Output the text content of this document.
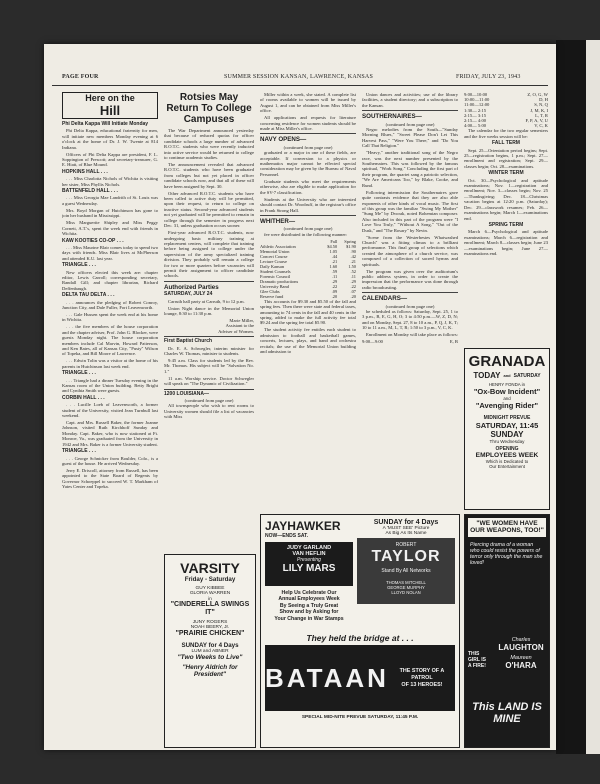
PAGE FOUR	SUMMER SESSION KANSAN, LAWRENCE, KANSAS	FRIDAY, JULY 23, 1943
Here on the
Hill
Phi Delta Kappa Will Initiate Monday

Phi Delta Kappa, educational fraternity for men, will initiate new members Monday evening at 6 o'clock at the home of Dr. J. W. Twente at 814 Indiana.

Officers of Phi Delta Kappa are president, F. L. Soppington of Prescott; and secretary-treasurer, G. E. Hiatt, of Blue Mound.

HOPKINS HALL . . .

. . . Miss Charlotta Nichols of Wichita is visiting her sister, Miss Phyllis Nichols.

BATTENFELD HALL . . .

. . . Miss Georgia Mae Landrith of St. Louis was a guest Wednesday.

Mrs. Boyd Morgan of Hutchinson has gone to join her husband in Mississippi.

Miss Marguerite Shipley and Miss Peggy Cornett, A.T.'s, spent the week end with friends in Wichita.

KAW KOOTIES CO-OP . . .

. . . Miss Maurine Blair comes today to spend two days with friends. Miss Blair lives at McPherson and attended K.U. last year.

TRIANGLE . . .

New officers elected this week are: chapter editor, Lewis Carroll; corresponding secretary, Randall Gill; and chapter librarian, Richard Deffenbaugh.

DELTA TAU DELTA . . .

. . . announces the pledging of Robert Conroy, Junction City, and Dale Fuller, Fort Leavenworth.

. . . Gale Hussen spent the week end at his home in Wichita.

. . . the five members of the house corporation and the chapter adviser, Prof. John G. Blocker, were guests Monday night. The house corporation members include Cal Marvin, Howard Patterson, and Ken Bates, all of Kansas City, "Pusty" Wilson of Topeka, and Bill Moore of Lawrence.

. . . Edwin Tolin was a visitor at the home of his parents in Hutchinson last week end.

TRIANGLE . . .

. . . Triangle had a dinner Tuesday evening in the Kansas room of the Union building. Betty Bright and Cynthia Smith were guests.

CORBIN HALL . . .

. . . Lucille Loeb of Leavenworth, a former student of the University, visited Jean Turnbull last weekend.

Capt. and Mrs. Russell Baker, the former Joanne Johnson, visited Ruth Kirchhoff Sunday and Monday. Capt. Baker, who is now stationed at Ft. Monroe, Va., was graduated from the University in 1942 and Mrs. Baker is a former University student.

TRIANGLE . . .

. . . George Schnicker from Boulder, Colo., is a guest of the house. He arrived Wednesday.

Jerry E. Driscoll, attorney from Russell, has been appointed to the State Board of Regents by Governor Schoeppel to succeed W. T. Markham of Yates Center and Topeka.

Rotsies May Return To College Campuses

The War Department announced yesterday that because of reduced quotas for officer candidate schools a large number of advanced R.O.T.C. students who were recently inducted into active service would be returned to college to continue academic studies.

The announcement revealed that advanced R.O.T.C. students who have been graduated from colleges but not yet placed in officer candidate schools now, and that all of these will have been assigned by Sept. 30.

Other advanced R.O.T.C. students who have been called to active duty will be permitted, upon their request, to return to college on inactive status. Second-year advanced students not yet graduated will be permitted to remain in college through the semester in progress next Dec. 31, unless graduation occurs sooner.

First-year advanced R.O.T.C. students, now undergoing basic military training at replacement centers, will complete that training before being assigned to college under the supervision of the army specialized training division. They probably will remain a college for two or more quarters before vacancies will permit their assignment to officer candidate schools.

Authorized Parties
SATURDAY, JULY 24

Carruth hall party at Carruth, 9 to 12 p.m.

Union Night dance in the Memorial Union lounge, 8:30 to 11:30 p.m.

Marie Miller,
Assistant to the
Adviser of Women.
First Baptist Church

Dr. E. A. Schwegler, interim minister for Charles W. Thomas, minister to students.

9:45 a.m. Class for students led by the Rev. Mr. Thomas. His subject will be "Salvation No. 1."

11 a.m. Worship service. Doctor Schwegler will speak on "The Dynamic of Civilization."

1200 LOUISIANA—
(continued from page one)

All townspeople who wish to rent rooms to University women should file a list of vacancies with Miss

Miller within a week, she stated. A complete list of rooms available to women will be issued by August 1, and can be obtained from Miss Miller's office.

All applications and requests for literature concerning residence for women students should be made at Miss Miller's office.

NAVY OPENS—
(continued from page one)

graduated or a major in one of these fields, are acceptable. If conversion to a physics or mathematics major cannot be effected special consideration may be given by the Bureau of Naval Personnel.

Graduate students who meet the requirements otherwise, also are eligible to make application for the SV-7 classification.

Students at the University who are interested should contact Dr. Woodruff, in the registrar's office in Frank Strong Hall.

WHITHER—
(continued from page one)

fee were distributed in the following manner:

	Fall	Spring
Athletic Association	$4.50	$1.90
Memorial Union	1.05	.90
Concert Course	.44	.42
Lecture Course	.21	.21
Daily Kansan	1.60	1.50
Student Counsels	.59	.52
Forensic Council	.11	.11
Dramatic productions	.29	.29
University Band	.22	.22
Glee Clubs	.09	.07
Reserve fund	.20	.20

This accounts for $9.30 and $5.50 of the fall and spring fees. Then there were state and federal taxes, amounting to 74 cents in the fall and 40 cents in the spring, added to make the full activity fee total $9.24 and the spring fee total $5.90.

The student activity fee entitles each student to admission to football and basketball games, concerts, lectures, plays, and band and orchestra recitals; the use of the Memorial Union building and admission to

Union dances and activities; use of the library facilities, a student directory; and a subscription to the Kansan.

SOUTHERNAIRES—
(continued from page one)

Negro melodies from the South—"Sunday Morning Blues," "Sweet Please Don't Let This Harvest Pass," "Were You There," and "Do You Call That Religion."

"Heavy," another traditional song of the Negro race, was the next number presented by the Southernaires. This was followed by the famous spiritual, "Work Song." Concluding the first part of their program, the quartet sang a patriotic selection, "We Are Americans Too," by Blake, Cooke, and Rund.

Following intermission the Southernaires gave quite contrasts evidence that they are also able exponents of other kinds of vocal music. The first of this group was the familiar "Swing My Mother" "Sung Me" by Dvorak, noted Bohemian composer. Also included in this part of the program were "I Love You Truly," "Without A Song," "Out of the Dusk," and "The Rosary" by Nevin.

"Scene from the Westerbestes Whatwashed Church" was a fitting climax to a brilliant performance. This final group of selections which created the atmosphere of a church service, was composed of a collection of sacred hymns and spirituals.

The program was given over the auditorium's public address system, in order to create the impression that the performance was done through radio broadcasting.

CALENDARS—
(continued from page one)

be scheduled as follows: Saturday, Sept. 25, 1 to 3 p.m., B, E, G, H, O; 3 to 4:50 p.m.—W, Z, D, N; and on Monday, Sept. 27, 8 to 10 a.m., P, Q, J, K, T; 10 to 11 a.m., M, L, T, R; 1:50 to 3 p.m., V, C, K.

Enrollment on Monday will take place as follows:

9:00—9:00	E, B
9:00—10:00	Z, O, G, W
10:00—11:00	D, H
11:00—12:00	S, N, Q
1:30— 2:15	J, M, K, I
2:15— 3:15	L, T, R
2:15— 4:00	F, P, A, V, U
4:00— 5:00	V, C, K

The calendar for the two regular semesters and the five weeks session will be:

FALL TERM

Sept. 25—Orientation period begins; Sept. 25—registration begins, 1 p.m.; Sept. 27—enrollment and registration; Sept. 29—classes begin; Oct. 28—examinations.

WINTER TERM

Oct. 30—Psychological and aptitude examinations; Nov. 1—registration and enrollment; Nov. 3—classes begin; Nov. 25—Thanksgiving; Dec. 18—Christmas vacation begins at 12:20 p.m. (Saturday); Dec. 29—classwork resumes; Feb. 26—examinations begin; March 1—examinations end.

SPRING TERM

March 6—Psychological and aptitude examinations; March 6—registration and enrollment; March 8—classes begin; June 23—examinations begin; June 27—examinations end.

GRANADA
TODAY and SATURDAY
HENRY FONDA in
"Ox-Bow Incident"
and
"Avenging Rider"
MIDNIGHT PREVUE
SATURDAY, 11:45
SUNDAY
Thru Wednesday
OPENING
EMPLOYEES WEEK
Which is Dedicated to
Our Entertainment
JAYHAWKER
NOW—ENDS SAT.
JUDY GARLAND
VAN HEFLIN
Presenting
LILY MARS
Help Us Celebrate Our
Annual Employees Week
By Seeing a Truly Great
Show and by Asking for
Your Change in War Stamps
SUNDAY for 4 Days
A 'MUST SEE' Picture
As Big As Its Name
ROBERT
TAYLOR
Stand By All Networks
THOMAS MITCHELL
GEORGE MURPHY
LLOYD NOLAN
They held the bridge at . . .
BATAAN	THE STORY OF A PATROL
OF 13 HEROES!
SPECIAL MID-NITE PREVUE SATURDAY, 11:45 P.M.
VARSITY
Friday - Saturday
GUY KIBBEE
GLORIA WARREN
in
"CINDERELLA SWINGS IT"
JUNY ROGERS
NOAH BEERY, Jr.
"PRAIRIE CHICKEN"
SUNDAY for 4 Days
LUM and ABNER
"Two Weeks to Live"
"Henry Aldrich for President"
"WE WOMEN HAVE OUR WEAPONS, TOO!"
Piercing drama of a woman who could resist the powers of terror only through the man she loved!
THIS GIRL IS A FIRE!
Charles
LAUGHTON
Maureen
O'HARA
This LAND IS MINE
